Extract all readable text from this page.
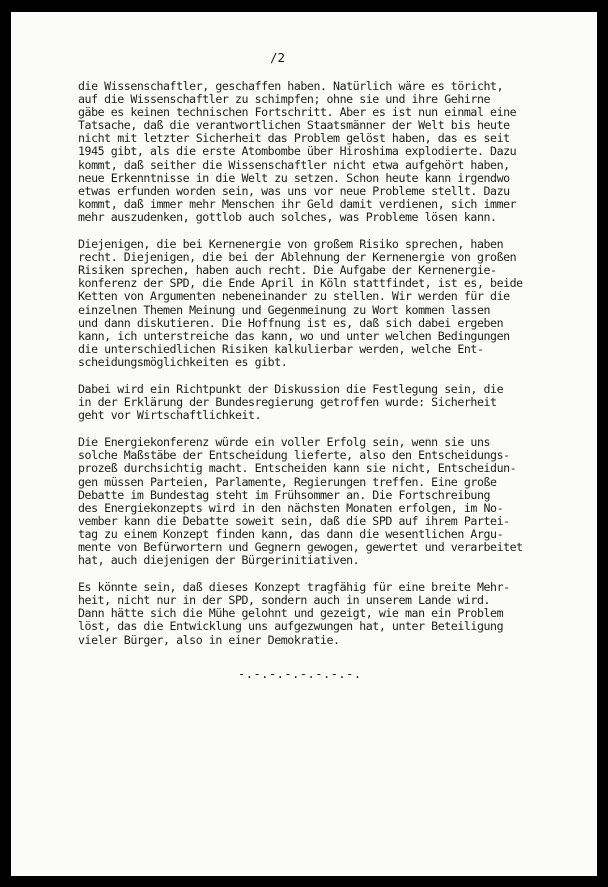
/2
die Wissenschaftler, geschaffen haben. Natürlich wäre es töricht,
auf die Wissenschaftler zu schimpfen; ohne sie und ihre Gehirne
gäbe es keinen technischen Fortschritt. Aber es ist nun einmal eine
Tatsache, daß die verantwortlichen Staatsmänner der Welt bis heute
nicht mit letzter Sicherheit das Problem gelöst haben, das es seit
1945 gibt, als die erste Atombombe über Hiroshima explodierte. Dazu
kommt, daß seither die Wissenschaftler nicht etwa aufgehört haben,
neue Erkenntnisse in die Welt zu setzen. Schon heute kann irgendwo
etwas erfunden worden sein, was uns vor neue Probleme stellt. Dazu
kommt, daß immer mehr Menschen ihr Geld damit verdienen, sich immer
mehr auszudenken, gottlob auch solches, was Probleme lösen kann.
Diejenigen, die bei Kernenergie von großem Risiko sprechen, haben
recht. Diejenigen, die bei der Ablehnung der Kernenergie von großen
Risiken sprechen, haben auch recht. Die Aufgabe der Kernenergie-
konferenz der SPD, die Ende April in Köln stattfindet, ist es, beide
Ketten von Argumenten nebeneinander zu stellen. Wir werden für die
einzelnen Themen Meinung und Gegenmeinung zu Wort kommen lassen
und dann diskutieren. Die Hoffnung ist es, daß sich dabei ergeben
kann, ich unterstreiche das kann, wo und unter welchen Bedingungen
die unterschiedlichen Risiken kalkulierbar werden, welche Ent-
scheidungsmöglichkeiten es gibt.
Dabei wird ein Richtpunkt der Diskussion die Festlegung sein, die
in der Erklärung der Bundesregierung getroffen wurde: Sicherheit
geht vor Wirtschaftlichkeit.
Die Energiekonferenz würde ein voller Erfolg sein, wenn sie uns
solche Maßstäbe der Entscheidung lieferte, also den Entscheidungs-
prozeß durchsichtig macht. Entscheiden kann sie nicht, Entscheidun-
gen müssen Parteien, Parlamente, Regierungen treffen. Eine große
Debatte im Bundestag steht im Frühsommer an. Die Fortschreibung
des Energiekonzepts wird in den nächsten Monaten erfolgen, im No-
vember kann die Debatte soweit sein, daß die SPD auf ihrem Partei-
tag zu einem Konzept finden kann, das dann die wesentlichen Argu-
mente von Befürwortern und Gegnern gewogen, gewertet und verarbeitet
hat, auch diejenigen der Bürgerinitiativen.
Es könnte sein, daß dieses Konzept tragfähig für eine breite Mehr-
heit, nicht nur in der SPD, sondern auch in unserem Lande wird.
Dann hätte sich die Mühe gelohnt und gezeigt, wie man ein Problem
löst, das die Entwicklung uns aufgezwungen hat, unter Beteiligung
vieler Bürger, also in einer Demokratie.
-.-.-.-.-.-.-.-.
